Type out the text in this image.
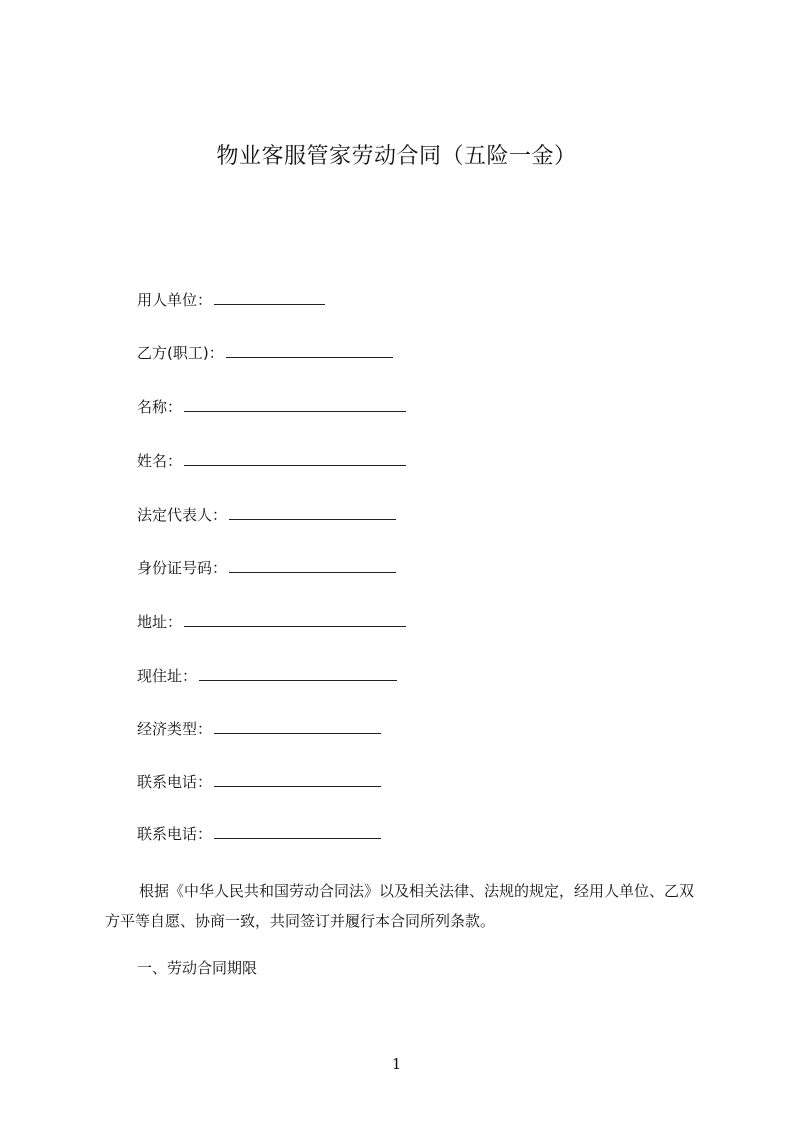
物业客服管家劳动合同（五险一金）
用人单位：
乙方(职工)：
名称：
姓名：
法定代表人：
身份证号码：
地址：
现住址：
经济类型：
联系电话：
联系电话：
根据《中华人民共和国劳动合同法》以及相关法律、法规的规定，经用人单位、乙双方平等自愿、协商一致，共同签订并履行本合同所列条款。
一、劳动合同期限
1
